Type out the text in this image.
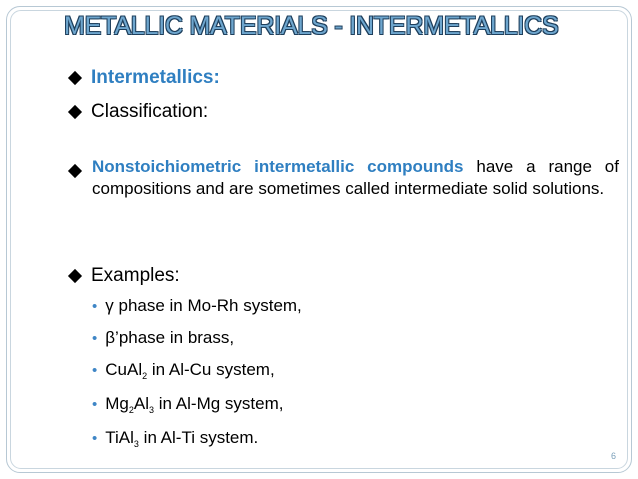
METALLIC MATERIALS - INTERMETALLICS
Intermetallics:
Classification:
Nonstoichiometric intermetallic compounds have a range of compositions and are sometimes called intermediate solid solutions.
Examples:
• γ phase in Mo-Rh system,
• β’phase in brass,
• CuAl$_2$ in Al-Cu system,
• $Mg_2Al_3$ in Al-Mg system,
• TiAl$_3$ in Al-Ti system.
6
